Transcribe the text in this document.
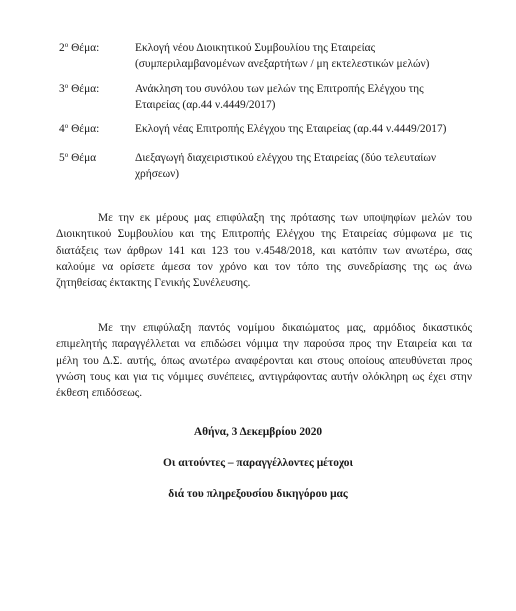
$2^o$ Θέμα:	Εκλογή νέου Διοικητικού Συμβουλίου της Εταιρείας
(συμπεριλαμβανομένων ανεξαρτήτων / μη εκτελεστικών μελών)
$3^o$ Θέμα:	Ανάκληση του συνόλου των μελών της Επιτροπής Ελέγχου της
Εταιρείας (αρ.44 ν.4449/2017)
$4^o$ Θέμα:	Εκλογή νέας Επιτροπής Ελέγχου της Εταιρείας (αρ.44 ν.4449/2017)
$5^o$ Θέμα	Διεξαγωγή διαχειριστικού ελέγχου της Εταιρείας (δύο τελευταίων
χρήσεων)
Με την εκ μέρους μας επιφύλαξη της πρότασης των υποψηφίων μελών του
Διοικητικού Συμβουλίου και της Επιτροπής Ελέγχου της Εταιρείας σύμφωνα με τις
διατάξεις των άρθρων 141 και 123 του ν.4548/2018, και κατόπιν των ανωτέρω, σας
καλούμε να ορίσετε άμεσα τον χρόνο και τον τόπο της συνεδρίασης της ως άνω
ζητηθείσας έκτακτης Γενικής Συνέλευσης.
Με την επιφύλαξη παντός νομίμου δικαιώματος μας, αρμόδιος δικαστικός
επιμελητής παραγγέλλεται να επιδώσει νόμιμα την παρούσα προς την Εταιρεία και τα
μέλη του Δ.Σ. αυτής, όπως ανωτέρω αναφέρονται και στους οποίους απευθύνεται προς
γνώση τους και για τις νόμιμες συνέπειες, αντιγράφοντας αυτήν ολόκληρη ως έχει στην
έκθεση επιδόσεως.
Αθήνα, 3 Δεκεμβρίου 2020
Οι αιτούντες – παραγγέλλοντες μέτοχοι
διά του πληρεξουσίου δικηγόρου μας
